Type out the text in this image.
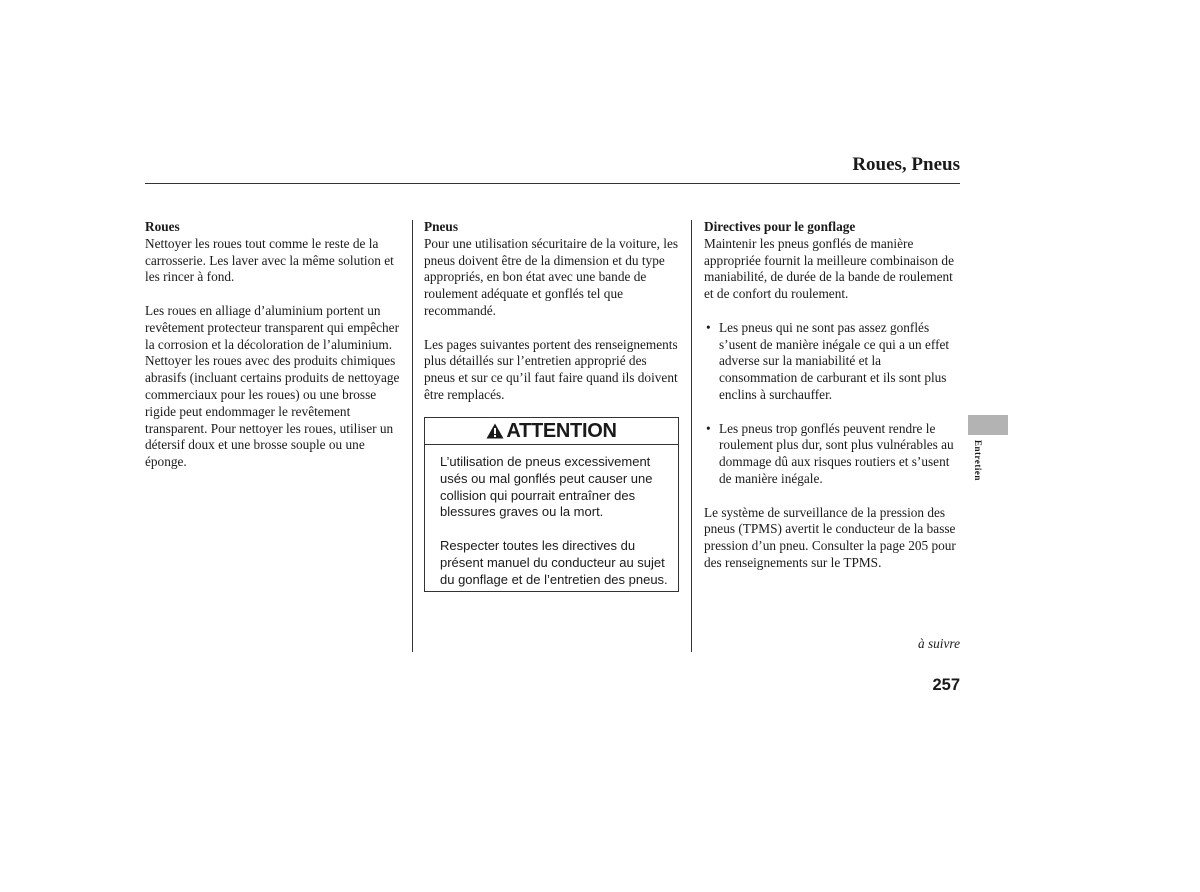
Roues, Pneus
Roues

Nettoyer les roues tout comme le reste de la carrosserie. Les laver avec la même solution et les rincer à fond.

Les roues en alliage d’aluminium portent un revêtement protecteur transparent qui empêcher la corrosion et la décoloration de l’aluminium. Nettoyer les roues avec des produits chimiques abrasifs (incluant certains produits de nettoyage commerciaux pour les roues) ou une brosse rigide peut endommager le revêtement transparent. Pour nettoyer les roues, utiliser un détersif doux et une brosse souple ou une éponge.

Pneus

Pour une utilisation sécuritaire de la voiture, les pneus doivent être de la dimension et du type appropriés, en bon état avec une bande de roulement adéquate et gonflés tel que recommandé.

Les pages suivantes portent des renseignements plus détaillés sur l’entretien approprié des pneus et sur ce qu’il faut faire quand ils doivent être remplacés.

ATTENTION

L’utilisation de pneus excessivement usés ou mal gonflés peut causer une collision qui pourrait entraîner des blessures graves ou la mort.

Respecter toutes les directives du présent manuel du conducteur au sujet du gonflage et de l’entretien des pneus.

Directives pour le gonflage

Maintenir les pneus gonflés de manière appropriée fournit la meilleure combinaison de maniabilité, de durée de la bande de roulement et de confort du roulement.

• Les pneus qui ne sont pas assez gonflés s’usent de manière inégale ce qui a un effet adverse sur la maniabilité et la consommation de carburant et ils sont plus enclins à surchauffer.
• Les pneus trop gonflés peuvent rendre le roulement plus dur, sont plus vulnérables au dommage dû aux risques routiers et s’usent de manière inégale.

Le système de surveillance de la pression des pneus (TPMS) avertit le conducteur de la basse pression d’un pneu. Consulter la page 205 pour des renseignements sur le TPMS.

Entretien
à suivre
257
